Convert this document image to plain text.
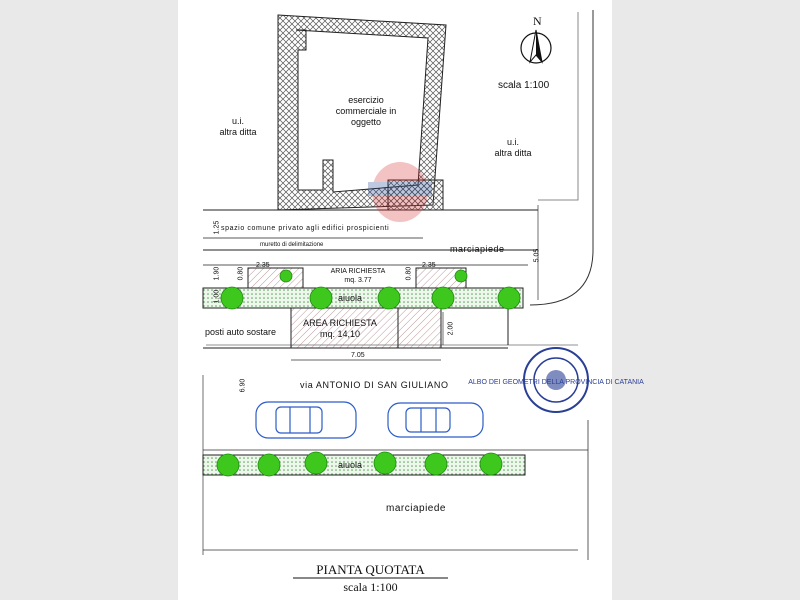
ALBO DEI GEOMETRI DELLA PROVINCIA DI CATANIA
N
scala 1:100
esercizio commerciale in oggetto
u.i.
altra ditta
u.i.
altra ditta
spazio comune privato agli edifici prospicienti
muretto di delimitazione	marciapiede
ARIA RICHIESTA
mq. 3.77
aiuola
aiuola
posti auto sostare
AREA RICHIESTA
mq. 14,10
via ANTONIO DI SAN GIULIANO
marciapiede
7.05
2.35	2.35
1.25
1.90 0.80	0.80
1.00
2.00
5.05
6.90
PIANTA QUOTATA
scala 1:100
